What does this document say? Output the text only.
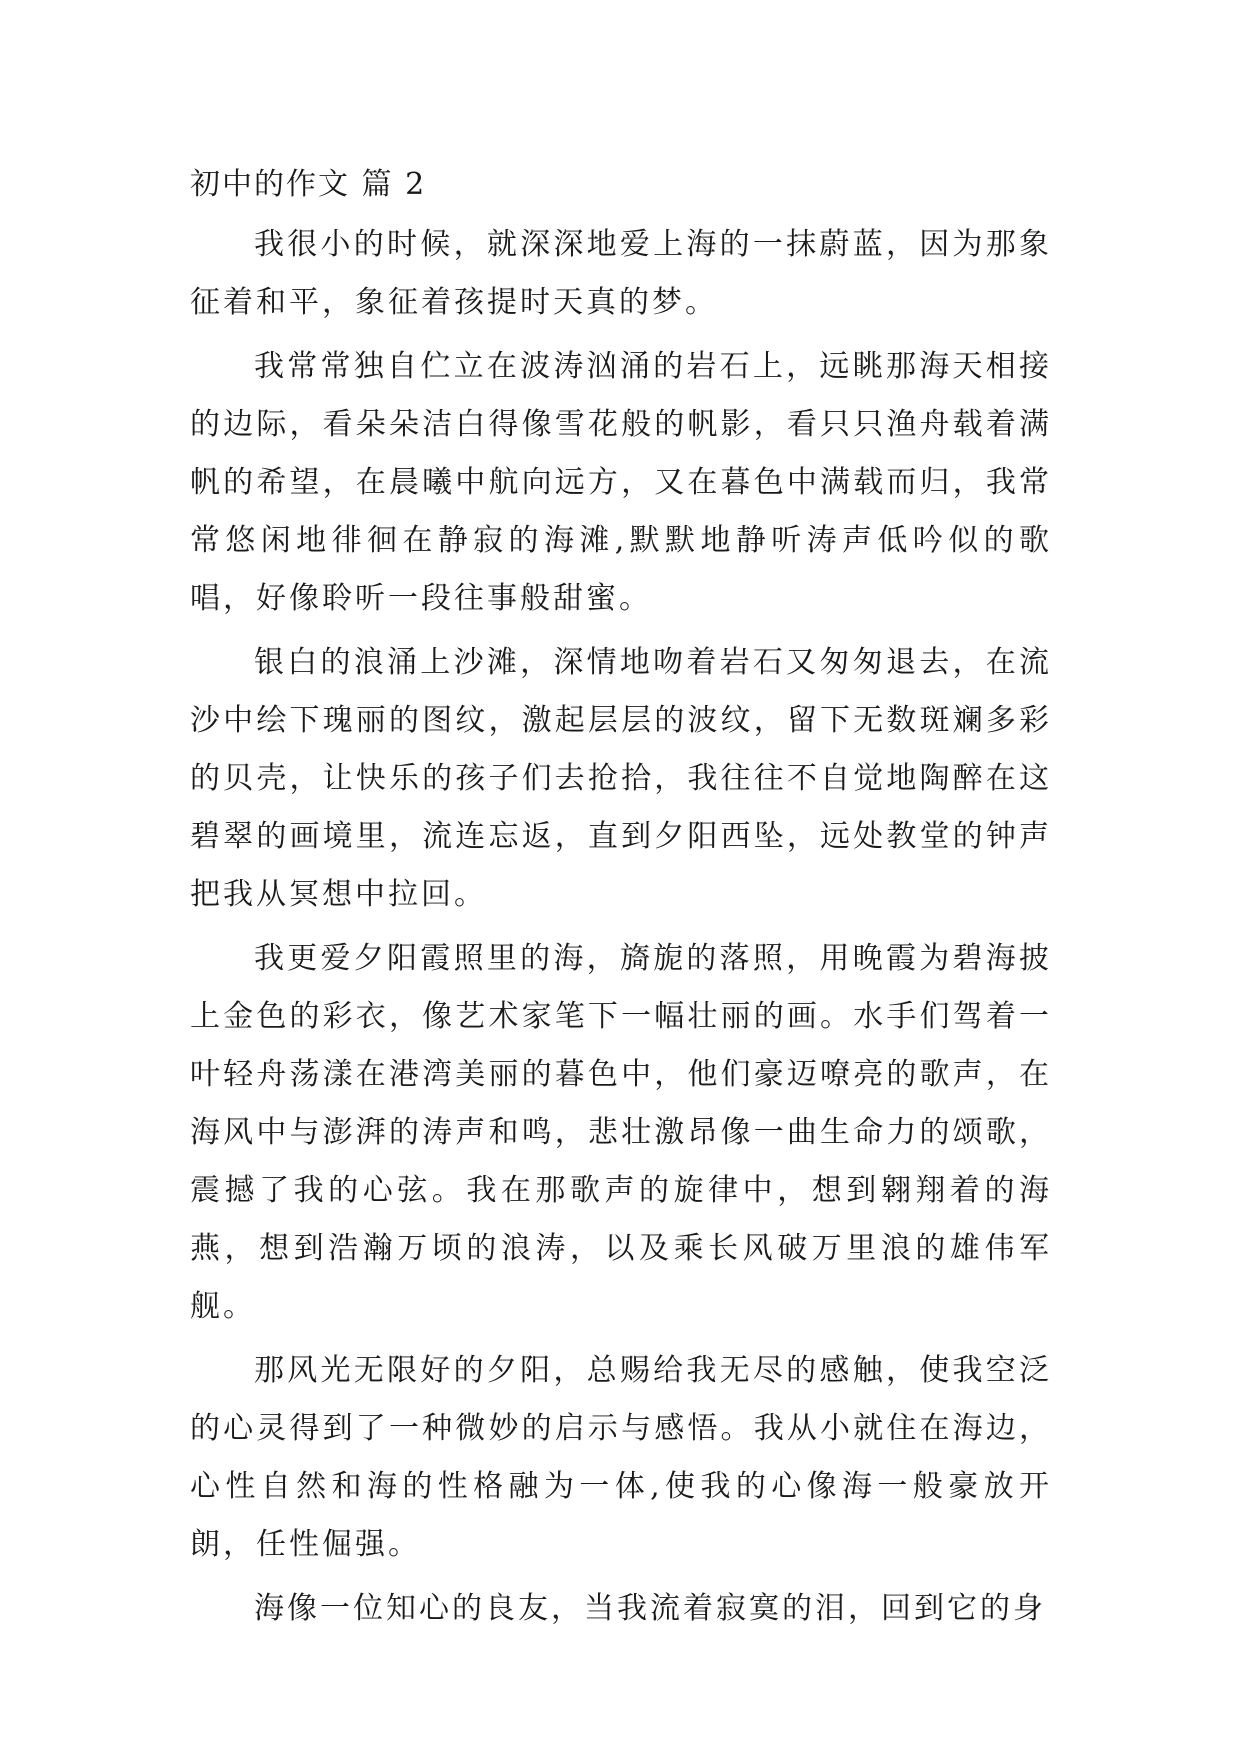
初中的作文 篇 2

我很小的时候，就深深地爱上海的一抹蔚蓝，因为那象征着和平，象征着孩提时天真的梦。

我常常独自伫立在波涛汹涌的岩石上，远眺那海天相接的边际，看朵朵洁白得像雪花般的帆影，看只只渔舟载着满帆的希望，在晨曦中航向远方，又在暮色中满载而归，我常常悠闲地徘徊在静寂的海滩,默默地静听涛声低吟似的歌唱，好像聆听一段往事般甜蜜。

银白的浪涌上沙滩，深情地吻着岩石又匆匆退去，在流沙中绘下瑰丽的图纹，激起层层的波纹，留下无数斑斓多彩的贝壳，让快乐的孩子们去抢拾，我往往不自觉地陶醉在这碧翠的画境里，流连忘返，直到夕阳西坠，远处教堂的钟声把我从冥想中拉回。

我更爱夕阳霞照里的海，旖旎的落照，用晚霞为碧海披上金色的彩衣，像艺术家笔下一幅壮丽的画。水手们驾着一叶轻舟荡漾在港湾美丽的暮色中，他们豪迈嘹亮的歌声，在海风中与澎湃的涛声和鸣，悲壮激昂像一曲生命力的颂歌，震撼了我的心弦。我在那歌声的旋律中，想到翱翔着的海燕，想到浩瀚万顷的浪涛，以及乘长风破万里浪的雄伟军舰。

那风光无限好的夕阳，总赐给我无尽的感触，使我空泛的心灵得到了一种微妙的启示与感悟。我从小就住在海边，心性自然和海的性格融为一体,使我的心像海一般豪放开朗，任性倔强。

海像一位知心的良友，当我流着寂寞的泪，回到它的身
